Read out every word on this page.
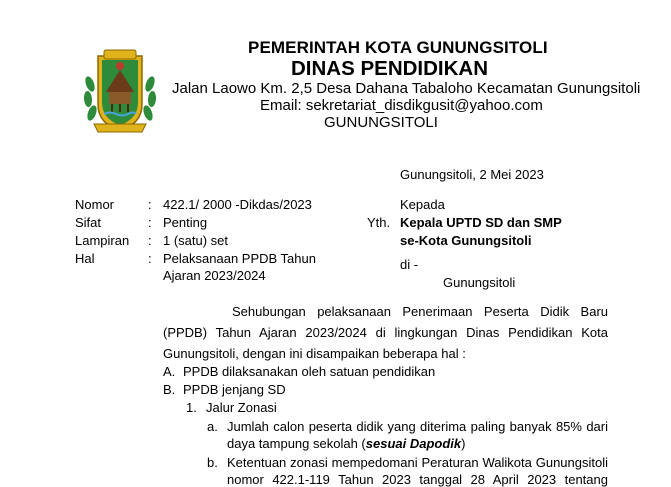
PEMERINTAH KOTA GUNUNGSITOLI
DINAS PENDIDIKAN
Jalan Laowo Km. 2,5 Desa Dahana Tabaloho Kecamatan Gunungsitoli
Email: sekretariat_disdikgusit@yahoo.com
GUNUNGSITOLI
Gunungsitoli, 2 Mei 2023
Nomor	: 422.1/ 2000 -Dikdas/2023
Sifat	: Penting
Lampiran : 1 (satu) set
Hal	: Pelaksanaan PPDB Tahun
Ajaran 2023/2024
Kepada
Yth. Kepala UPTD SD dan SMP
se-Kota Gunungsitoli
di -
Gunungsitoli
Sehubungan pelaksanaan Penerimaan Peserta Didik Baru
(PPDB) Tahun Ajaran 2023/2024 di lingkungan Dinas Pendidikan Kota
Gunungsitoli, dengan ini disampaikan beberapa hal :
A. PPDB dilaksanakan oleh satuan pendidikan
B. PPDB jenjang SD
1. Jalur Zonasi
a. Jumlah calon peserta didik yang diterima paling banyak 85% dari
daya tampung sekolah (sesuai Dapodik)
b. Ketentuan zonasi mempedomani Peraturan Walikota Gunungsitoli
nomor 422.1-119 Tahun 2023 tanggal 28 April 2023 tentang
